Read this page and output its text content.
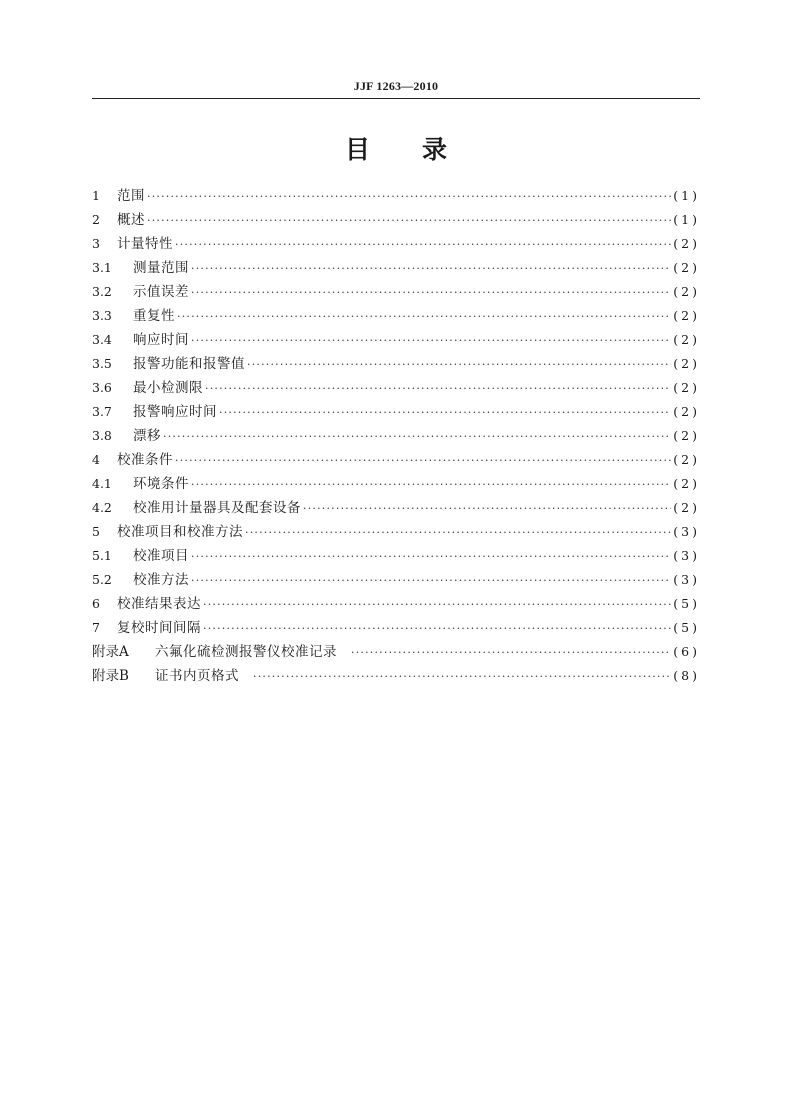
JJF 1263—2010
目 录
1	范围 ·····	(1)
2	概述 ·····	(1)
3	计量特性 ·····	(2)
3.1	测量范围 ·····	(2)
3.2	示值误差 ·····	(2)
3.3	重复性 ·····	(2)
3.4	响应时间 ·····	(2)
3.5	报警功能和报警值 ·····	(2)
3.6	最小检测限 ·····	(2)
3.7	报警响应时间 ·····	(2)
3.8	漂移 ·····	(2)
4	校准条件 ·····	(2)
4.1	环境条件 ·····	(2)
4.2	校准用计量器具及配套设备 ·····	(2)
5	校准项目和校准方法 ·····	(3)
5.1	校准项目 ·····	(3)
5.2	校准方法 ·····	(3)
6	校准结果表达 ·····	(5)
7	复校时间间隔 ·····	(5)
附录A	六氟化硫检测报警仪校准记录 ·····	(6)
附录B	证书内页格式 ·····	(8)
